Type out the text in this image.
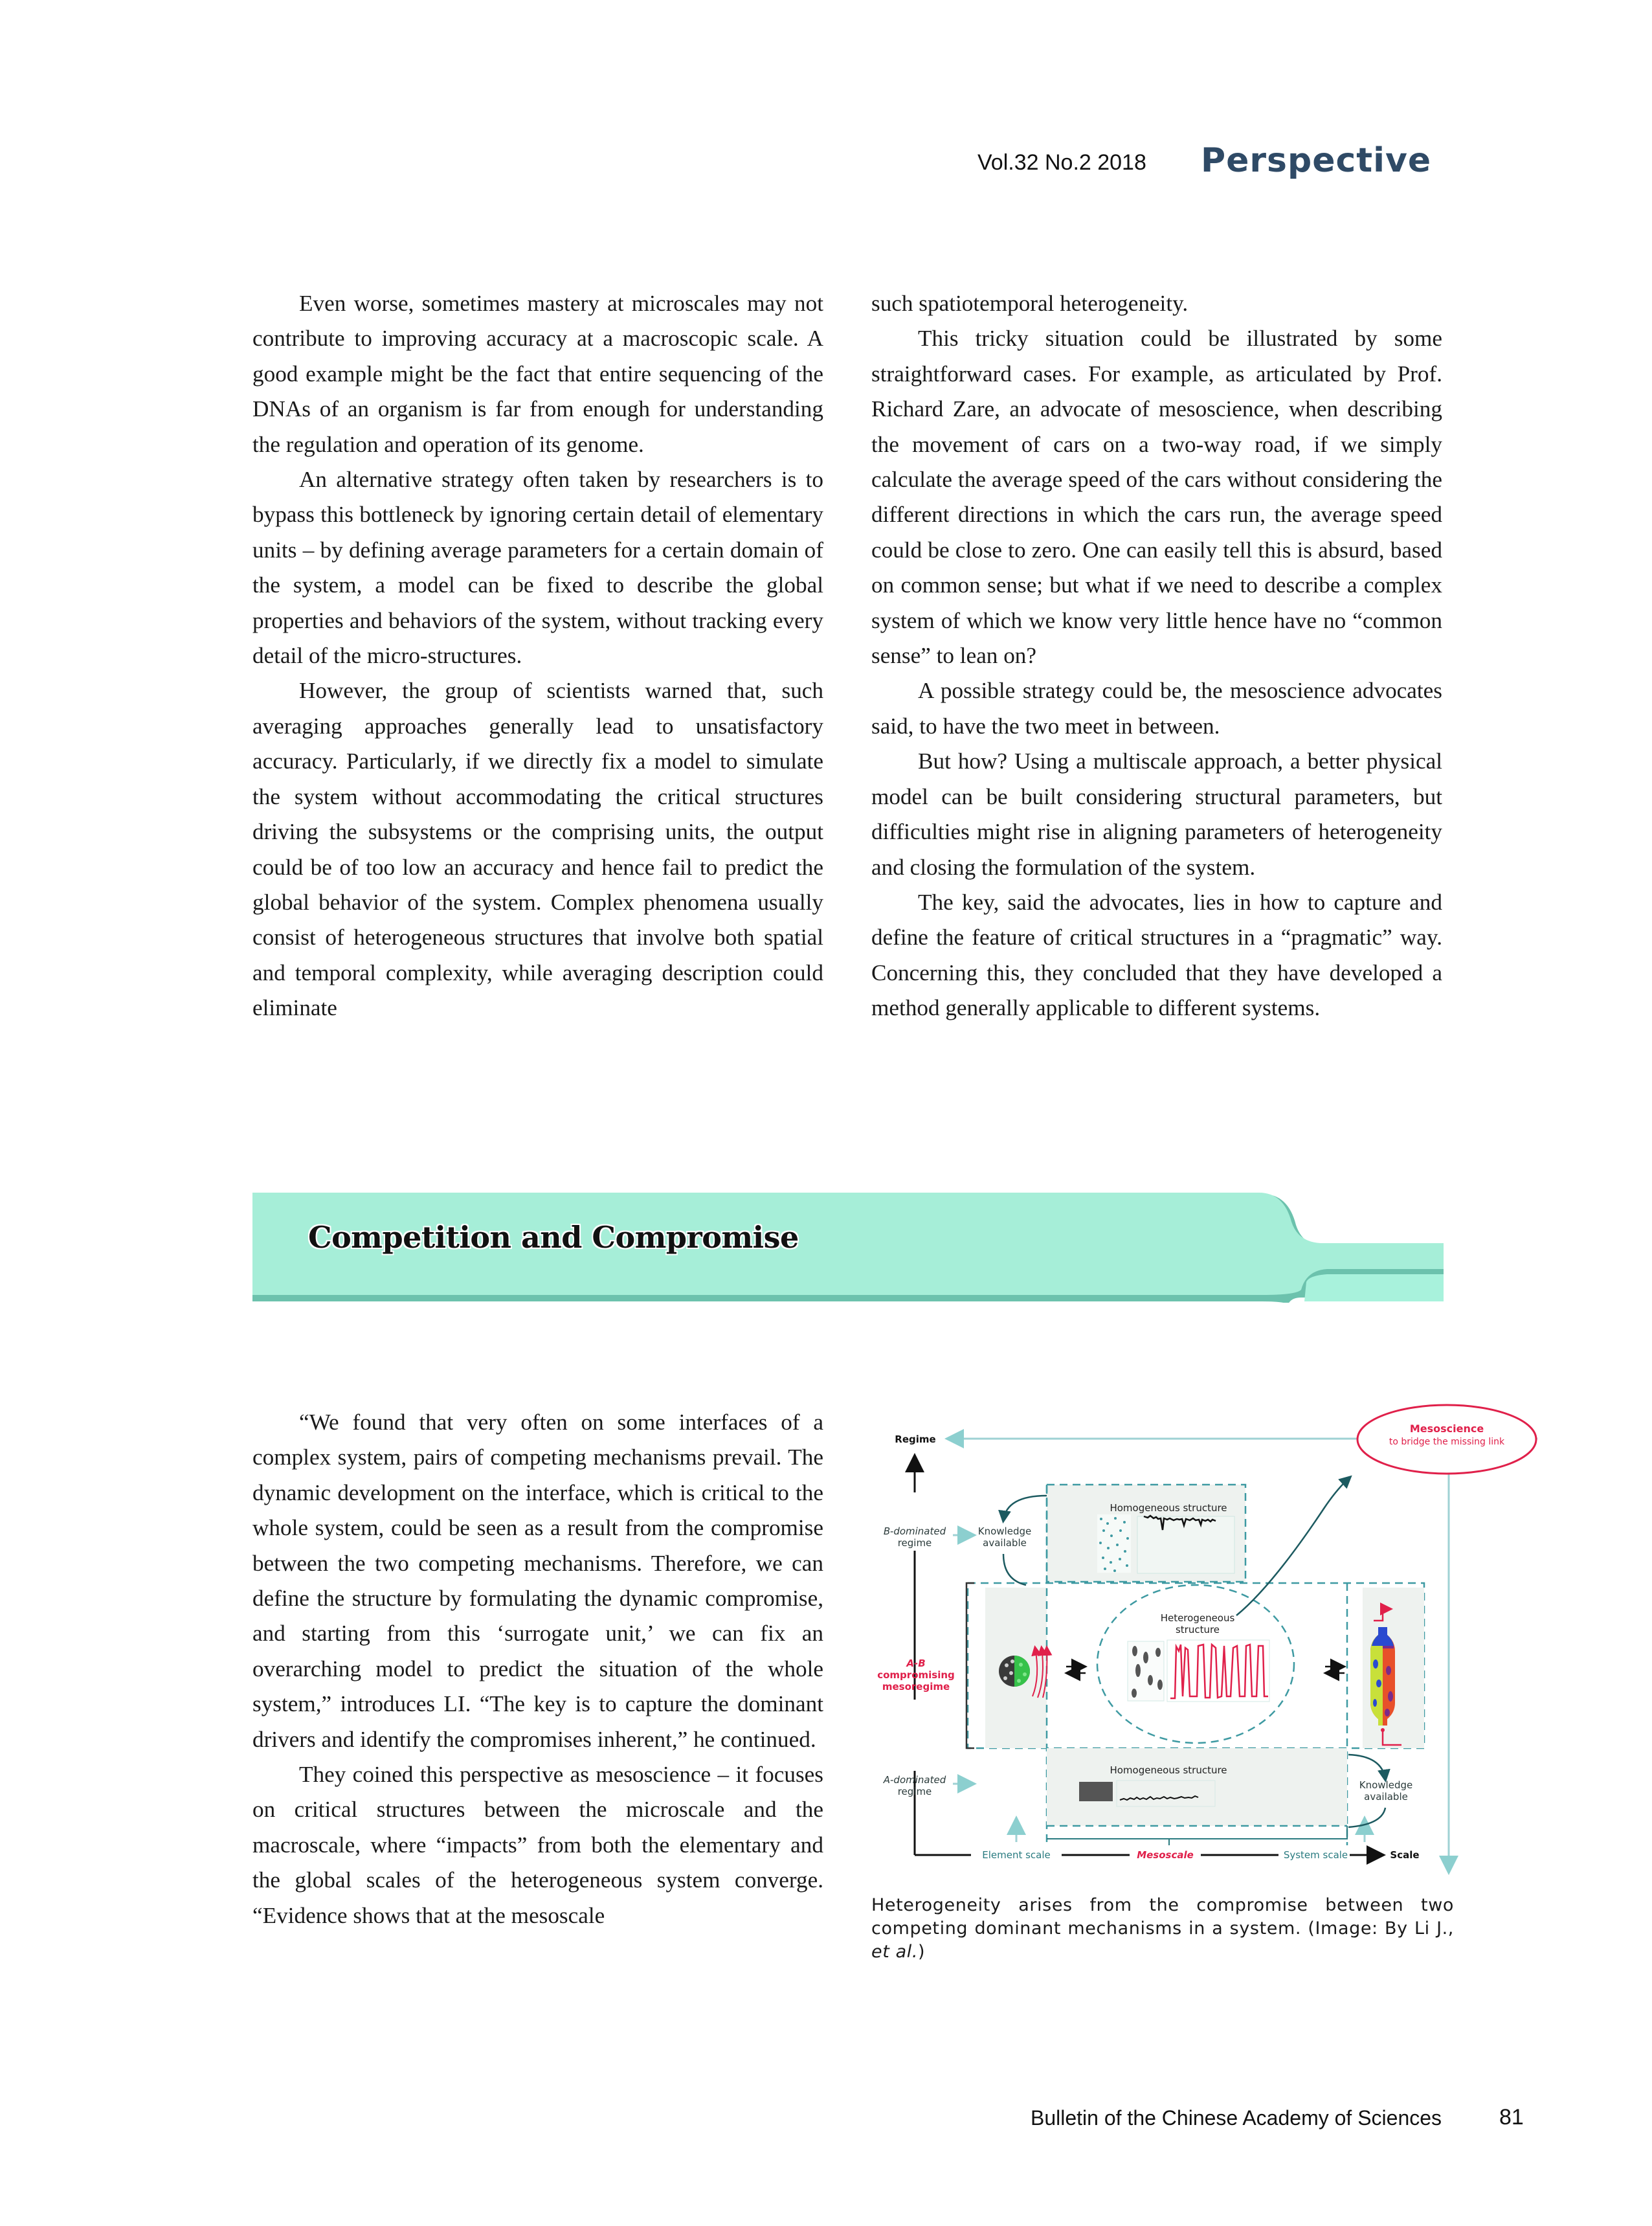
Vol.32 No.2 2018 Perspective

Even worse, sometimes mastery at microscales may not contribute to improving accuracy at a macroscopic scale. A good example might be the fact that entire sequencing of the DNAs of an organism is far from enough for understanding the regulation and operation of its genome.

An alternative strategy often taken by researchers is to bypass this bottleneck by ignoring certain detail of elementary units – by defining average parameters for a certain domain of the system, a model can be fixed to describe the global properties and behaviors of the system, without tracking every detail of the micro-structures.

However, the group of scientists warned that, such averaging approaches generally lead to unsatisfactory accuracy. Particularly, if we directly fix a model to simulate the system without accommodating the critical structures driving the subsystems or the comprising units, the output could be of too low an accuracy and hence fail to predict the global behavior of the system. Complex phenomena usually consist of heterogeneous structures that involve both spatial and temporal complexity, while averaging description could eliminate

such spatiotemporal heterogeneity.

This tricky situation could be illustrated by some straightforward cases. For example, as articulated by Prof. Richard Zare, an advocate of mesoscience, when describing the movement of cars on a two-way road, if we simply calculate the average speed of the cars without considering the different directions in which the cars run, the average speed could be close to zero. One can easily tell this is absurd, based on common sense; but what if we need to describe a complex system of which we know very little hence have no “common sense” to lean on?

A possible strategy could be, the mesoscience advocates said, to have the two meet in between.

But how? Using a multiscale approach, a better physical model can be built considering structural parameters, but difficulties might rise in aligning parameters of heterogeneity and closing the formulation of the system.

The key, said the advocates, lies in how to capture and define the feature of critical structures in a “pragmatic” way. Concerning this, they concluded that they have developed a method generally applicable to different systems.

Competition and Compromise

“We found that very often on some interfaces of a complex system, pairs of competing mechanisms prevail. The dynamic development on the interface, which is critical to the whole system, could be seen as a result from the compromise between the two competing mechanisms. Therefore, we can define the structure by formulating the dynamic compromise, and starting from this ‘surrogate unit,’ we can fix an overarching model to predict the situation of the whole system,” introduces LI. “The key is to capture the dominant drivers and identify the compromises inherent,” he continued.

They coined this perspective as mesoscience – it focuses on critical structures between the microscale and the macroscale, where “impacts” from both the elementary and the global scales of the heterogeneous system converge. “Evidence shows that at the mesoscale

Regime
B-dominated
regime
A-B
compromising
mesoregime
A-dominated
regime
Knowledge
available
Knowledge
available
Homogeneous structure
Homogeneous structure
Heterogeneous
structure
Mesoscience
to bridge the missing link
Element scale	Mesoscale	System scale	Scale
Heterogeneity arises from the compromise between two competing dominant mechanisms in a system. (Image: By Li J., et al.)
Bulletin of the Chinese Academy of Sciences	81
